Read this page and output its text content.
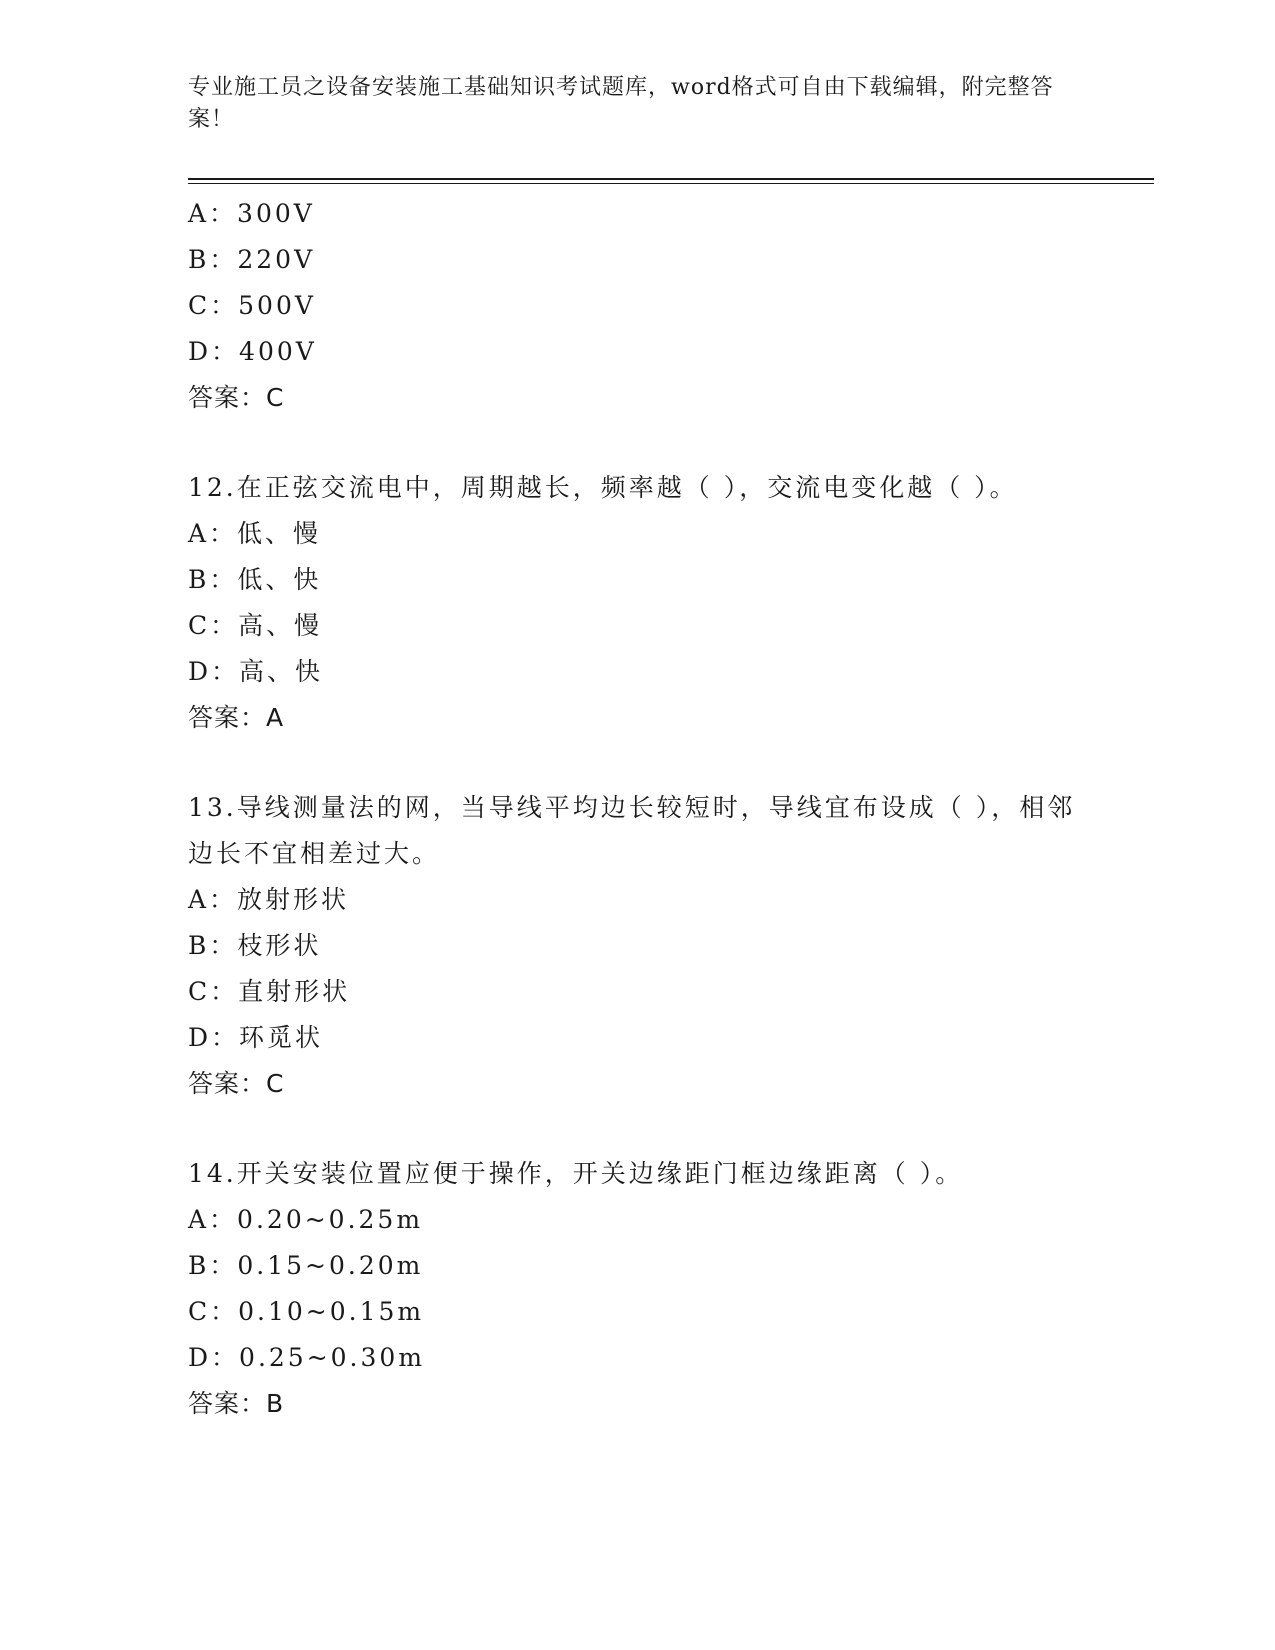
专业施工员之设备安装施工基础知识考试题库，word格式可自由下载编辑，附完整答案！
A：300V
B：220V
C：500V
D：400V
答案：C
12.在正弦交流电中，周期越长，频率越（ ），交流电变化越（ ）。
A：低、慢
B：低、快
C：高、慢
D：高、快
答案：A
13.导线测量法的网，当导线平均边长较短时，导线宜布设成（ ），相邻边长不宜相差过大。
A：放射形状
B：枝形状
C：直射形状
D：环觅状
答案：C
14.开关安装位置应便于操作，开关边缘距门框边缘距离（ ）。
A：0.20~0.25m
B：0.15~0.20m
C：0.10~0.15m
D：0.25~0.30m
答案：B
